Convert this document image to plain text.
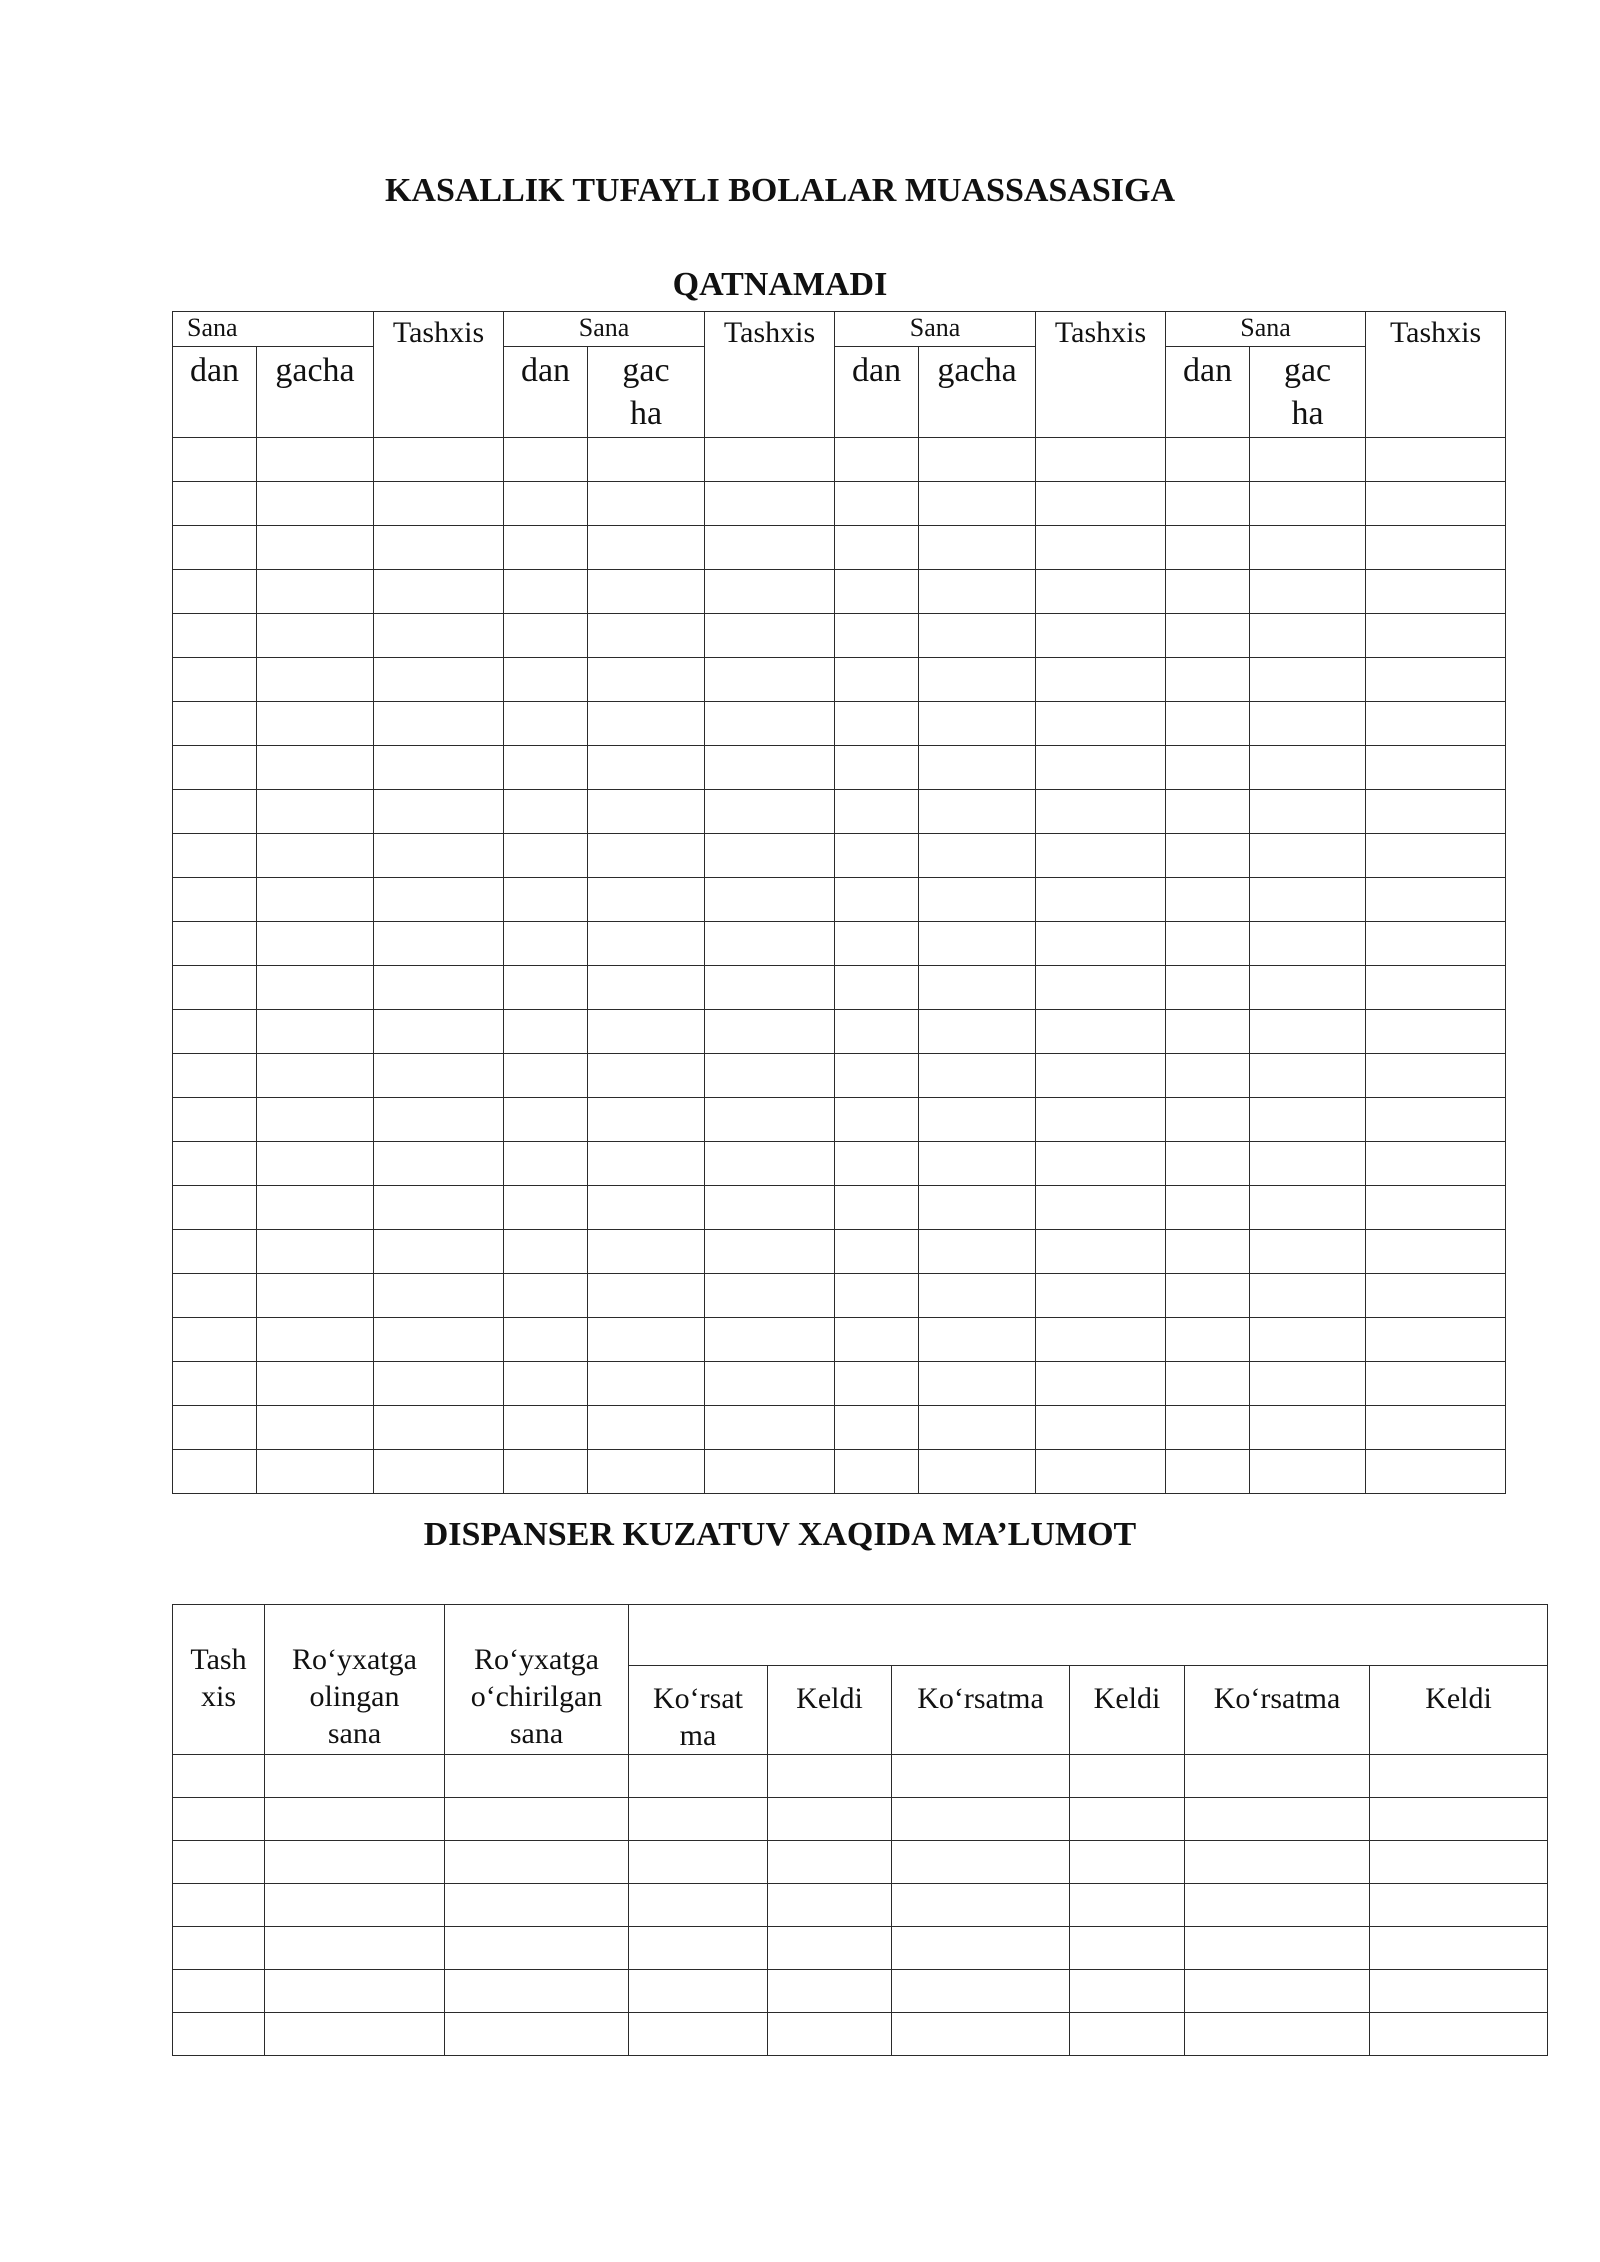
KASALLIK TUFAYLI BOLALAR MUASSASASIGA
QATNAMADI
Sana		Tashxis	Sana		Tashxis	Sana		Tashxis	Sana		Tashxis
dan	gacha		dan	gacha		dan	gacha		dan	gacha	

DISPANSER KUZATUV XAQIDA MA’LUMOT
Tashxis	Ro‘yxatga olingan sana	Ro‘yxatga o‘chirilgan sana						
			Ko‘rsatma	Keldi	Ko‘rsatma	Keldi	Ko‘rsatma	Keldi
